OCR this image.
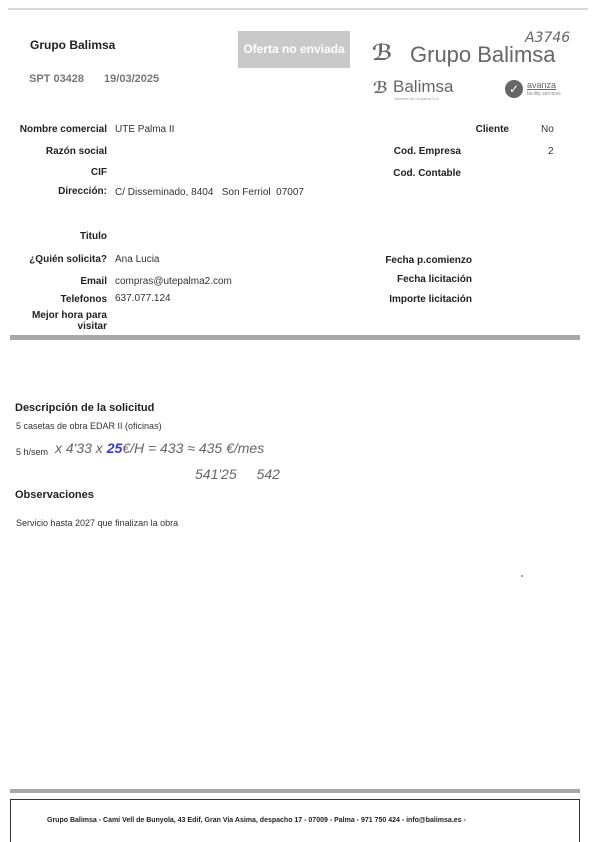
Grupo Balimsa
SPT 03428 19/03/2025
Oferta no enviada ℬ Grupo Balimsa
A3746
ℬ Balimsa
Sistema de Limpieza S.A.
✓ avanza
facility services
Nombre comercial UTE Palma II
Razón social
CIF
Dirección: C/ Disseminado, 8404   Son Ferriol  07007
Titulo
¿Quién solicita? Ana Lucia
Email compras@utepalma2.com
Telefonos 637.077.124
Mejor hora para
visitar
Cliente	No
Cod. Empresa	2
Cod. Contable
Fecha p.comienzo
Fecha licitación
Importe licitación
Descripción de la solicitud
5 casetas de obra EDAR II (oficinas)
5 h/sem x 4'33 x 25€/H = 433 ≈ 435 €/mes
541'25 542
Observaciones
Servicio hasta 2027 que finalizan la obra
Grupo Balimsa - Camí Vell de Bunyola, 43 Edif, Gran Via Asima, despacho 17 - 07009 - Palma - 971 750 424 - info@balimsa.es -
